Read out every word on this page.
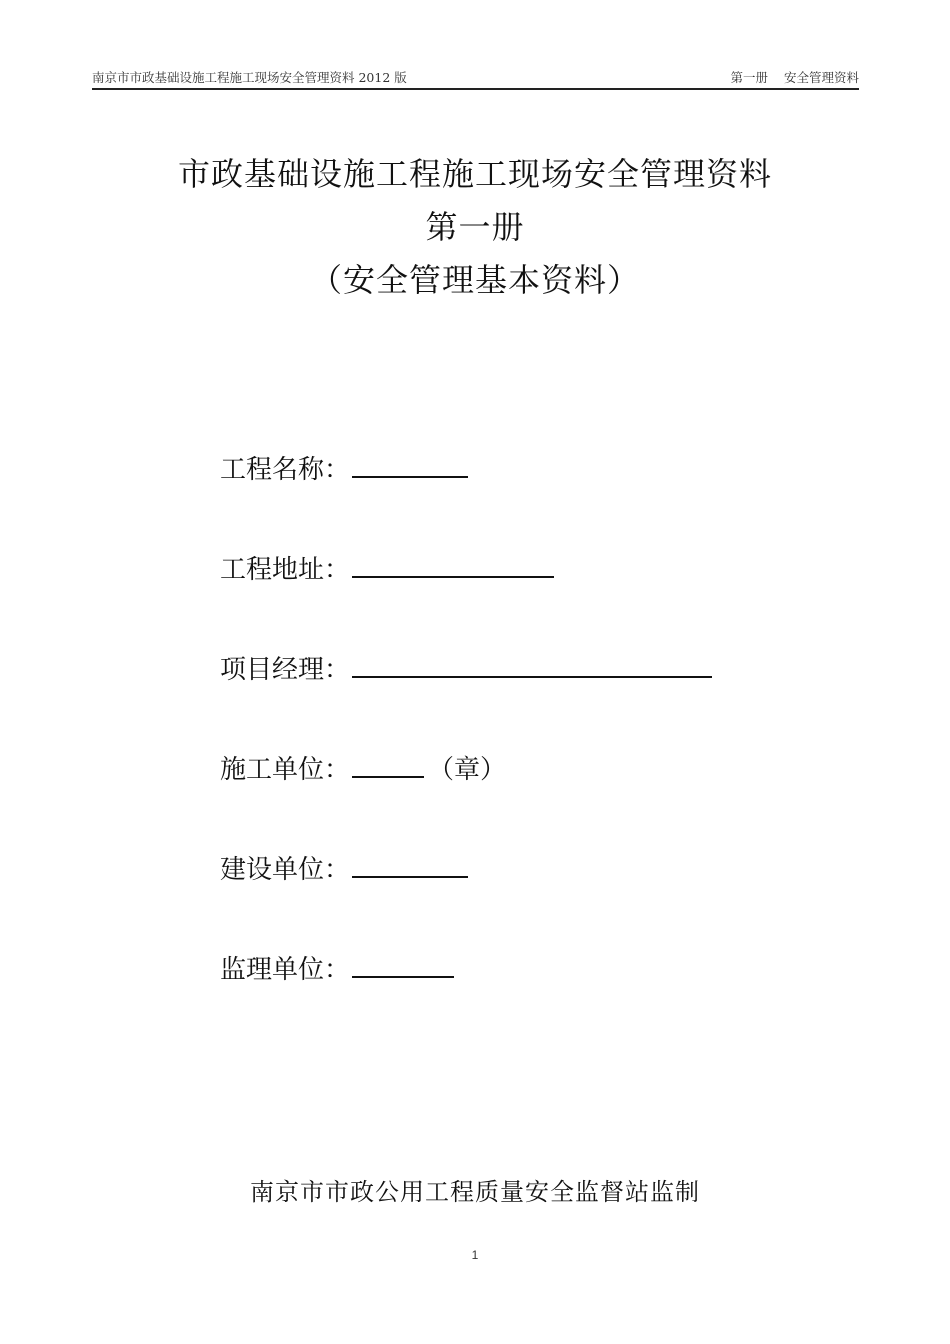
南京市市政基础设施工程施工现场安全管理资料 2012 版	第一册 安全管理资料
市政基础设施工程施工现场安全管理资料
第一册
（安全管理基本资料）
工程名称：
工程地址：
项目经理：
施工单位：	（章）
建设单位：
监理单位：
南京市市政公用工程质量安全监督站监制
1
